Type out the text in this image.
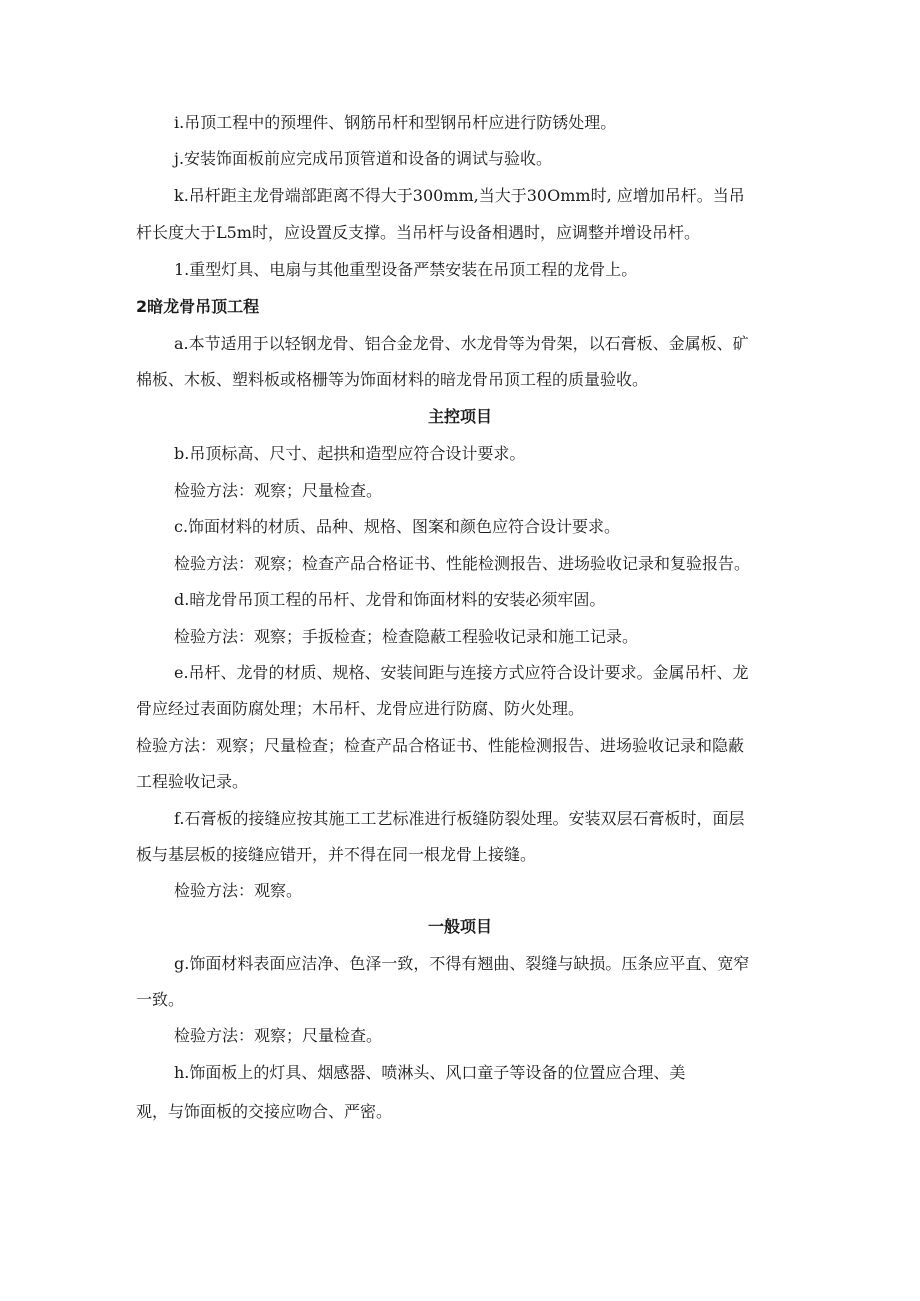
i.吊顶工程中的预埋件、钢筋吊杆和型钢吊杆应进行防锈处理。

j.安装饰面板前应完成吊顶管道和设备的调试与验收。

k.吊杆距主龙骨端部距离不得大于300mm,当大于30Omm时, 应增加吊杆。当吊

杆长度大于L5m时，应设置反支撑。当吊杆与设备相遇时，应调整并增设吊杆。

1.重型灯具、电扇与其他重型设备严禁安装在吊顶工程的龙骨上。

2暗龙骨吊顶工程

a.本节适用于以轻钢龙骨、铝合金龙骨、水龙骨等为骨架，以石膏板、金属板、矿

棉板、木板、塑料板或格栅等为饰面材料的暗龙骨吊顶工程的质量验收。

主控项目

b.吊顶标高、尺寸、起拱和造型应符合设计要求。

检验方法：观察；尺量检查。

c.饰面材料的材质、品种、规格、图案和颜色应符合设计要求。

检验方法：观察；检查产品合格证书、性能检测报告、进场验收记录和复验报告。

d.暗龙骨吊顶工程的吊杆、龙骨和饰面材料的安装必须牢固。

检验方法：观察；手扳检查；检查隐蔽工程验收记录和施工记录。

e.吊杆、龙骨的材质、规格、安装间距与连接方式应符合设计要求。金属吊杆、龙

骨应经过表面防腐处理；木吊杆、龙骨应进行防腐、防火处理。

检验方法：观察；尺量检查；检查产品合格证书、性能检测报告、进场验收记录和隐蔽

工程验收记录。

f.石膏板的接缝应按其施工工艺标准进行板缝防裂处理。安装双层石膏板时，面层

板与基层板的接缝应错开，并不得在同一根龙骨上接缝。

检验方法：观察。

一般项目

g.饰面材料表面应洁净、色泽一致，不得有翘曲、裂缝与缺损。压条应平直、宽窄

一致。

检验方法：观察；尺量检查。

h.饰面板上的灯具、烟感器、喷淋头、风口童子等设备的位置应合理、美

观，与饰面板的交接应吻合、严密。
